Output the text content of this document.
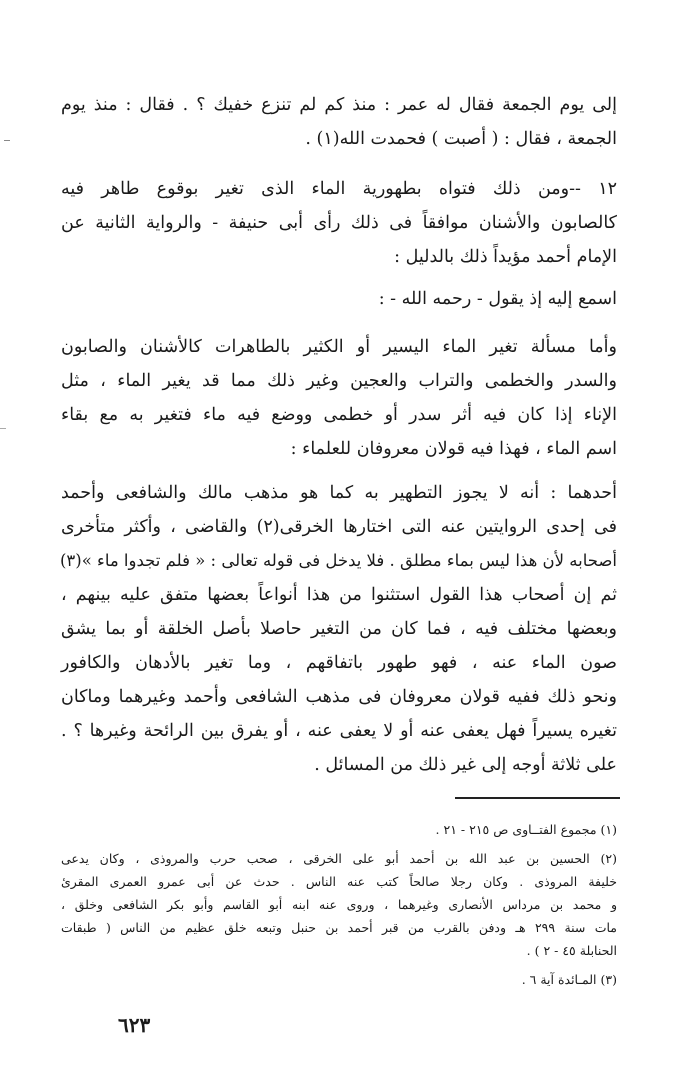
إلى يوم الجمعة فقال له عمر : منذ كم لم تنزع خفيك ؟ . فقال : منذ يوم
الجمعة ، فقال : ( أصبت ) فحمدت الله(١) .
١٢ --ومن ذلك فتواه بطهورية الماء الذى تغير بوقوع طاهر فيه
كالصابون والأشنان موافقاً فى ذلك رأى أبى حنيفة - والرواية الثانية عن
الإمام أحمد مؤيداً ذلك بالدليل :
اسمع إليه إذ يقول - رحمه الله - :
وأما مسألة تغير الماء اليسير أو الكثير بالطاهرات كالأشنان والصابون
والسدر والخطمى والتراب والعجين وغير ذلك مما قد يغير الماء ، مثل
الإناء إذا كان فيه أثر سدر أو خطمى ووضع فيه ماء فتغير به مع بقاء
اسم الماء ، فهذا فيه قولان معروفان للعلماء :
أحدهما : أنه لا يجوز التطهير به كما هو مذهب مالك والشافعى وأحمد
فى إحدى الروايتين عنه التى اختارها الخرقى(٢) والقاضى ، وأكثر متأخرى
أصحابه لأن هذا ليس بماء مطلق . فلا يدخل فى قوله تعالى : « فلم تجدوا ماء »(٣)
ثم إن أصحاب هذا القول استثنوا من هذا أنواعاً بعضها متفق عليه بينهم ،
وبعضها مختلف فيه ، فما كان من التغير حاصلا بأصل الخلقة أو بما يشق
صون الماء عنه ، فهو طهور باتفاقهم ، وما تغير بالأدهان والكافور
ونحو ذلك ففيه قولان معروفان فى مذهب الشافعى وأحمد وغيرهما وماكان
تغيره يسيراً فهل يعفى عنه أو لا يعفى عنه ، أو يفرق بين الرائحة وغيرها ؟ .
على ثلاثة أوجه إلى غير ذلك من المسائل .
(١) مجموع الفتــاوى ص ٢١٥ - ٢١ .
(٢) الحسين بن عبد الله بن أحمد أبو على الخرقى ، صحب حرب والمروذى ، وكان يدعى
خليفة المروذى . وكان رجلا صالحاً كتب عنه الناس . حدث عن أبى عمرو العمرى المقرئ
و محمد بن مرداس الأنصارى وغيرهما ، وروى عنه ابنه أبو القاسم وأبو بكر الشافعى وخلق ،
مات سنة ٢٩٩ هـ ودفن بالقرب من قبر أحمد بن حنبل وتبعه خلق عظيم من الناس ( طبقات
الحنابلة ٤٥ - ٢ ) .
(٣) المـائدة آية ٦ .
٦٢٣
